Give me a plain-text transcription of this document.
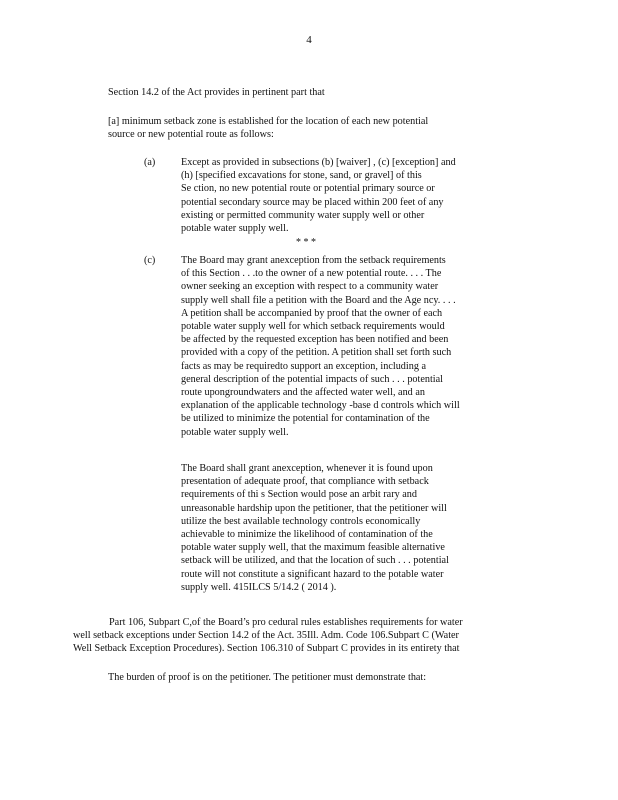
4
Section 14.2 of the Act provides in pertinent part that
[a] minimum setback zone is established for the location of each new potential
source or new potential route as follows:
(a)	Except as provided in subsections (b) [waiver] , (c) [exception] and
(h) [specified excavations for stone, sand, or gravel] of this
Se ction, no new potential route or potential primary source or
potential secondary source may be placed within 200 feet of any
existing or permitted community water supply well or other
potable water supply well.
* * *
(c)	The Board may grant anexception from the setback requirements
of this Section . . .to the owner of a new potential route. . . . The
owner seeking an exception with respect to a community water
supply well shall file a petition with the Board and the Age ncy. . . .
A petition shall be accompanied by proof that the owner of each
potable water supply well for which setback requirements would
be affected by the requested exception has been notified and been
provided with a copy of the petition. A petition shall set forth such
facts as may be requiredto support an exception, including a
general description of the potential impacts of such . . . potential
route upongroundwaters and the affected water well, and an
explanation of the applicable technology -base d controls which will
be utilized to minimize the potential for contamination of the
potable water supply well.
The Board shall grant anexception, whenever it is found upon
presentation of adequate proof, that compliance with setback
requirements of thi s Section would pose an arbit rary and
unreasonable hardship upon the petitioner, that the petitioner will
utilize the best available technology controls economically
achievable to minimize the likelihood of contamination of the
potable water supply well, that the maximum feasible alternative
setback will be utilized, and that the location of such . . . potential
route will not constitute a significant hazard to the potable water
supply well. 415ILCS 5/14.2 ( 2014 ).
Part 106, Subpart C,of the Board’s pro cedural rules establishes requirements for water
well setback exceptions under Section 14.2 of the Act. 35Ill. Adm. Code 106.Subpart C (Water
Well Setback Exception Procedures). Section 106.310 of Subpart C provides in its entirety that
The burden of proof is on the petitioner. The petitioner must demonstrate that:
